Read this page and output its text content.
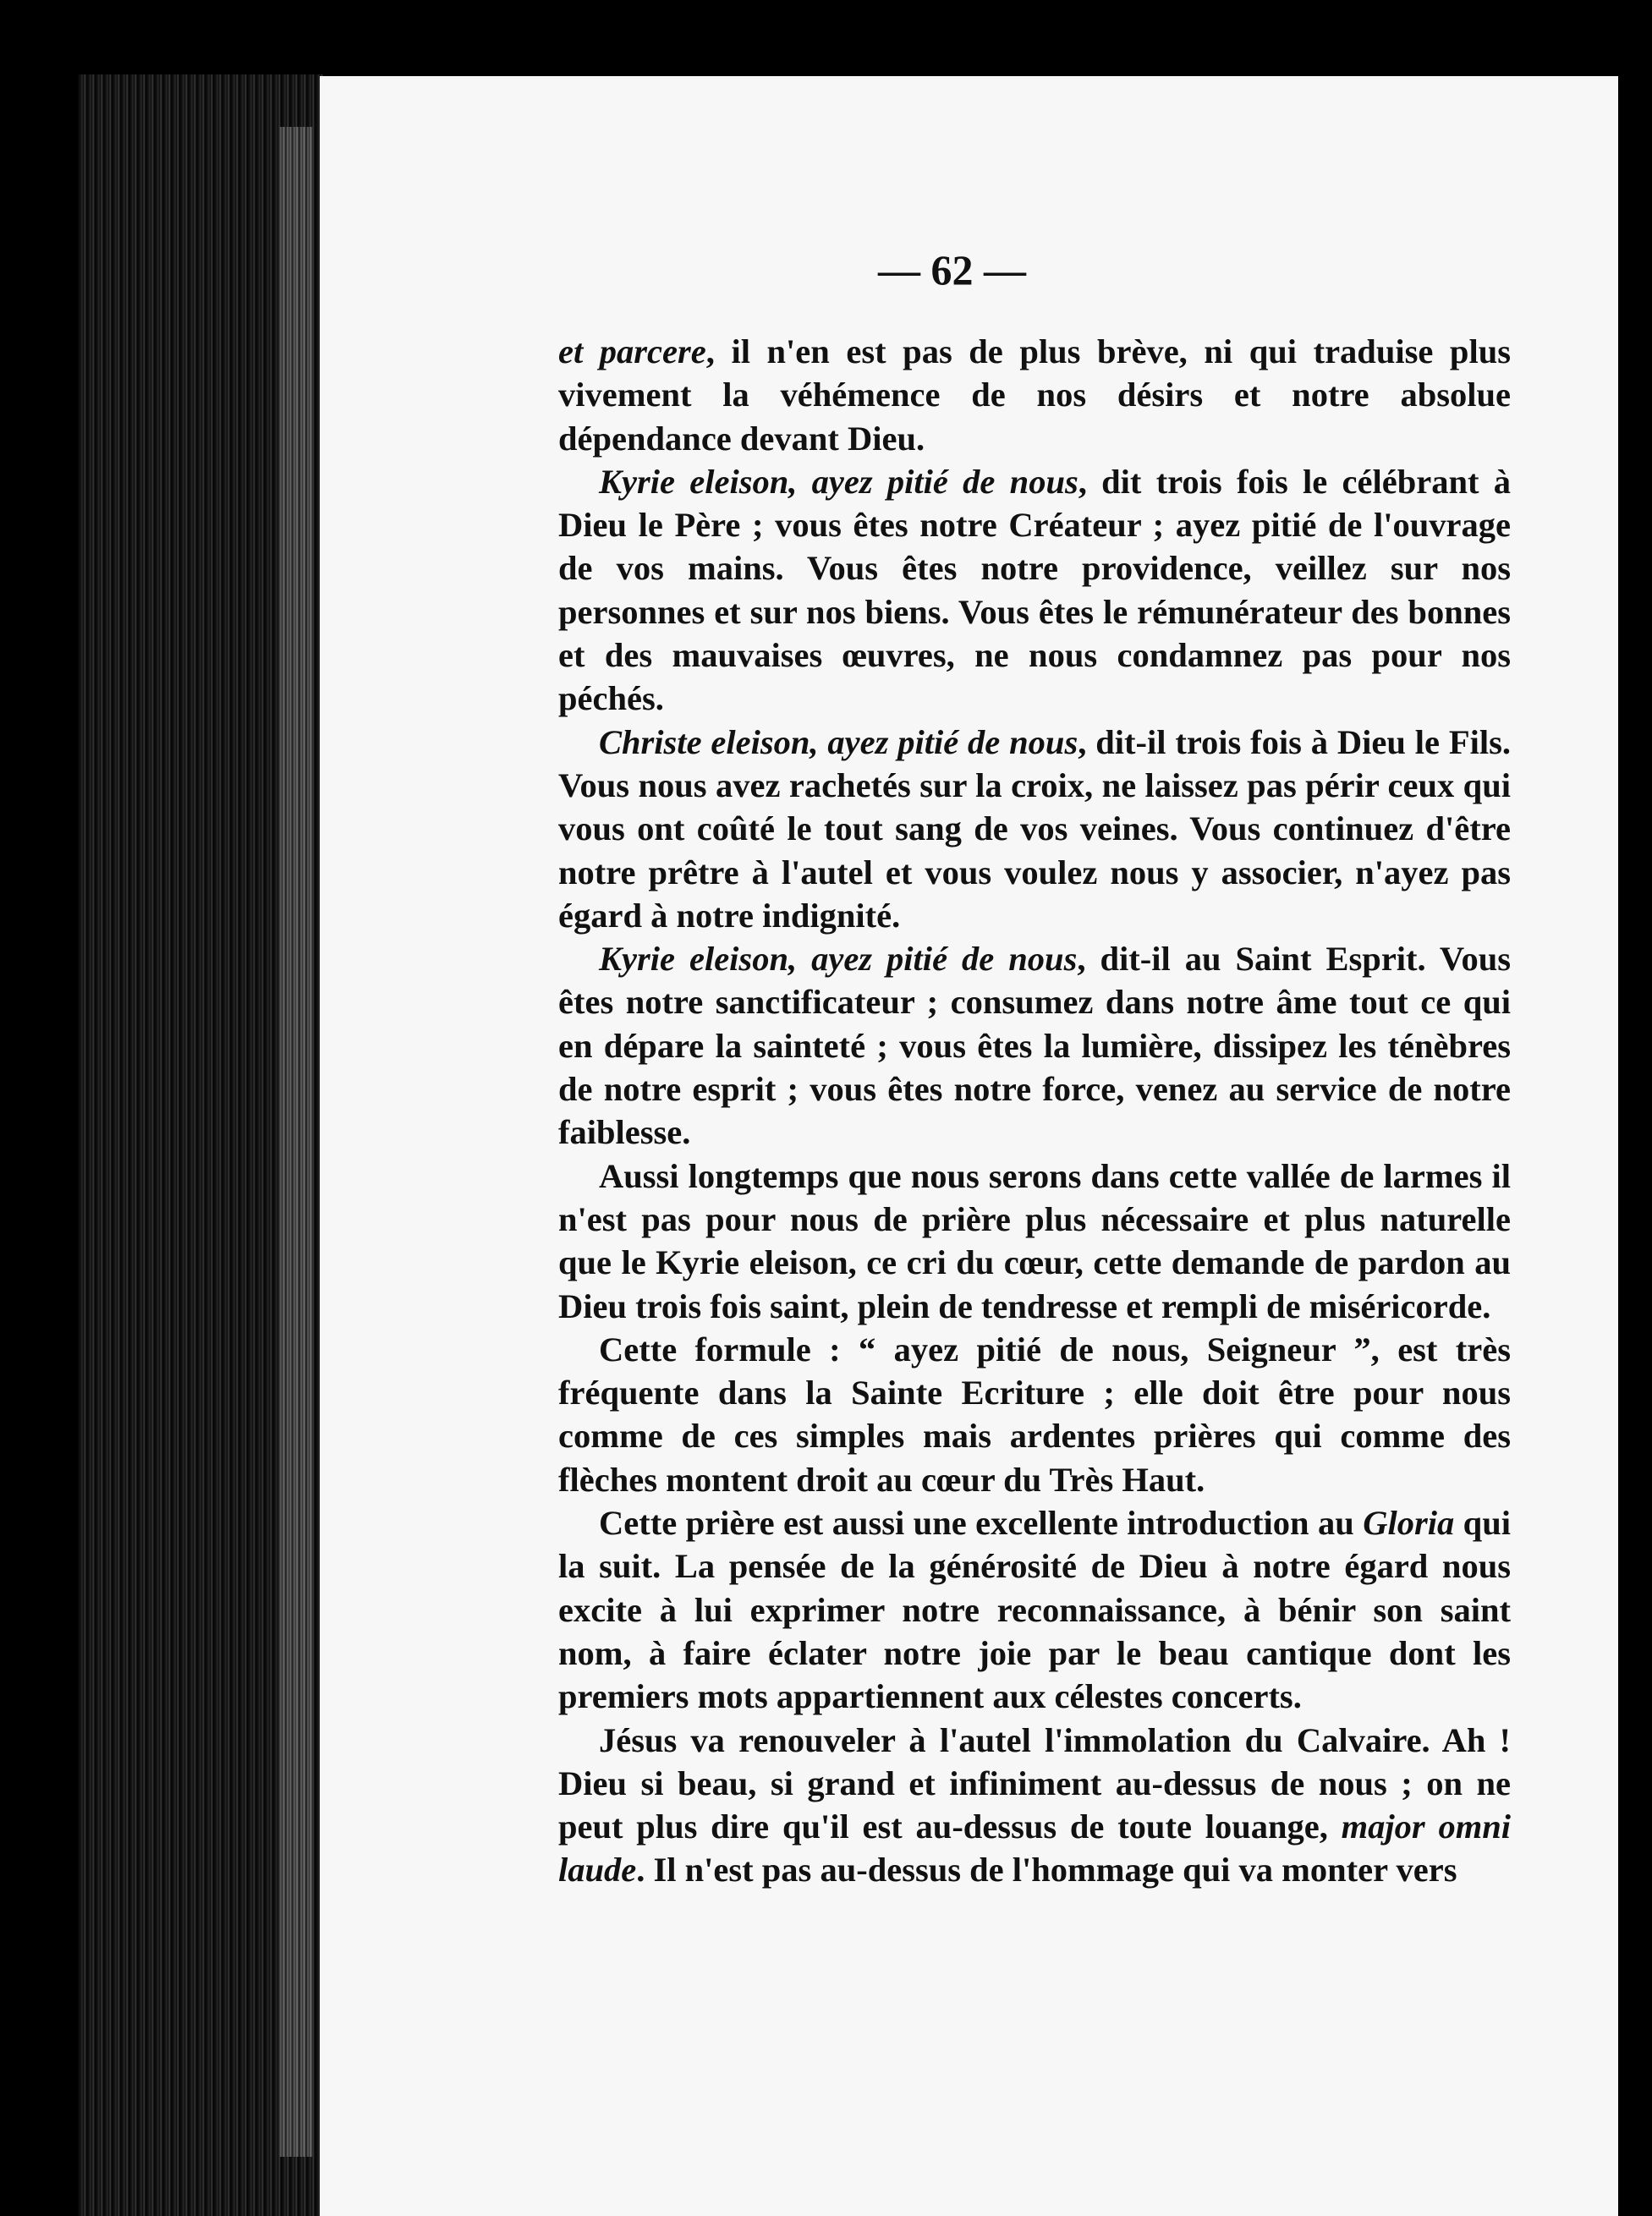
— 62 —

et parcere, il n'en est pas de plus brève, ni qui traduise plus vivement la véhémence de nos désirs et notre absolue dépendance devant Dieu.

Kyrie eleison, ayez pitié de nous, dit trois fois le célébrant à Dieu le Père ; vous êtes notre Créateur ; ayez pitié de l'ouvrage de vos mains. Vous êtes notre providence, veillez sur nos personnes et sur nos biens. Vous êtes le rémunérateur des bonnes et des mauvaises œuvres, ne nous condamnez pas pour nos péchés.

Christe eleison, ayez pitié de nous, dit-il trois fois à Dieu le Fils. Vous nous avez rachetés sur la croix, ne laissez pas périr ceux qui vous ont coûté le tout sang de vos veines. Vous continuez d'être notre prêtre à l'autel et vous voulez nous y associer, n'ayez pas égard à notre indignité.

Kyrie eleison, ayez pitié de nous, dit-il au Saint Esprit. Vous êtes notre sanctificateur ; consumez dans notre âme tout ce qui en dépare la sainteté ; vous êtes la lumière, dissipez les ténèbres de notre esprit ; vous êtes notre force, venez au service de notre faiblesse.

Aussi longtemps que nous serons dans cette vallée de larmes il n'est pas pour nous de prière plus nécessaire et plus naturelle que le Kyrie eleison, ce cri du cœur, cette demande de pardon au Dieu trois fois saint, plein de tendresse et rempli de miséricorde.

Cette formule : “ ayez pitié de nous, Seigneur ”, est très fréquente dans la Sainte Ecriture ; elle doit être pour nous comme de ces simples mais ardentes prières qui comme des flèches montent droit au cœur du Très Haut.

Cette prière est aussi une excellente introduction au Gloria qui la suit. La pensée de la générosité de Dieu à notre égard nous excite à lui exprimer notre reconnaissance, à bénir son saint nom, à faire éclater notre joie par le beau cantique dont les premiers mots appartiennent aux célestes concerts.

Jésus va renouveler à l'autel l'immolation du Calvaire. Ah ! Dieu si beau, si grand et infiniment au-dessus de nous ; on ne peut plus dire qu'il est au-dessus de toute louange, major omni laude. Il n'est pas au-dessus de l'hommage qui va monter vers
